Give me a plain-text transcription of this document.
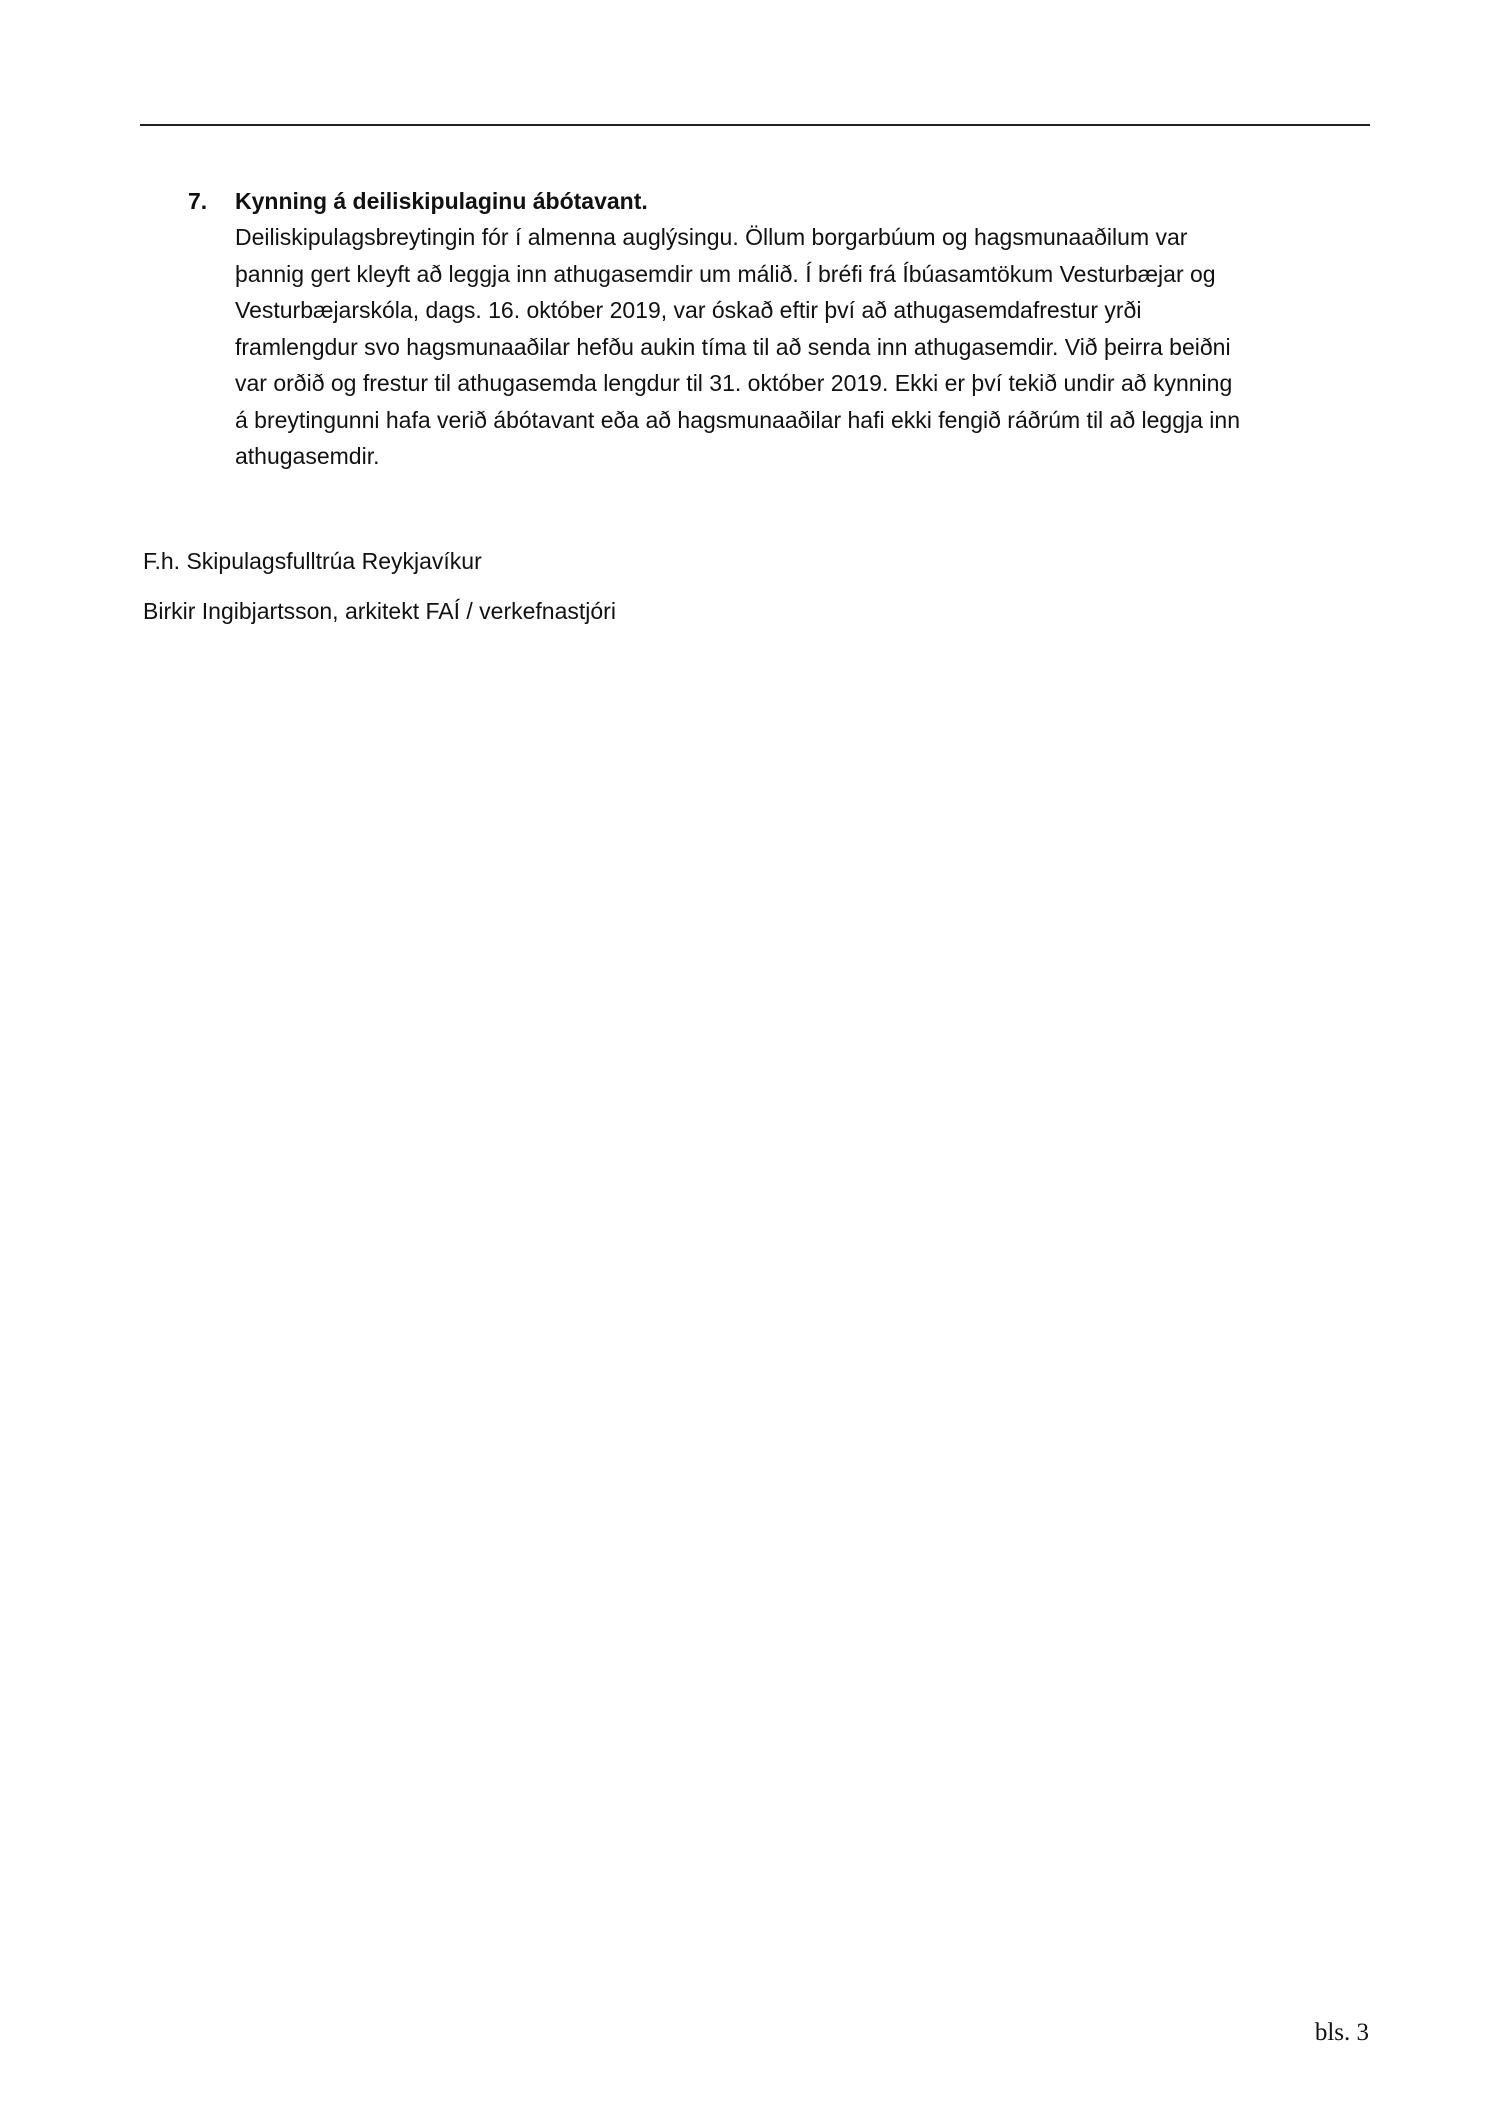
7. Kynning á deiliskipulaginu ábótavant.

Deiliskipulagsbreytingin fór í almenna auglýsingu. Öllum borgarbúum og hagsmunaaðilum var

þannig gert kleyft að leggja inn athugasemdir um málið. Í bréfi frá Íbúasamtökum Vesturbæjar og

Vesturbæjarskóla, dags. 16. október 2019, var óskað eftir því að athugasemdafrestur yrði

framlengdur svo hagsmunaaðilar hefðu aukin tíma til að senda inn athugasemdir. Við þeirra beiðni

var orðið og frestur til athugasemda lengdur til 31. október 2019. Ekki er því tekið undir að kynning

á breytingunni hafa verið ábótavant eða að hagsmunaaðilar hafi ekki fengið ráðrúm til að leggja inn

athugasemdir.

F.h. Skipulagsfulltrúa Reykjavíkur

Birkir Ingibjartsson, arkitekt FAÍ / verkefnastjóri

bls. 3
